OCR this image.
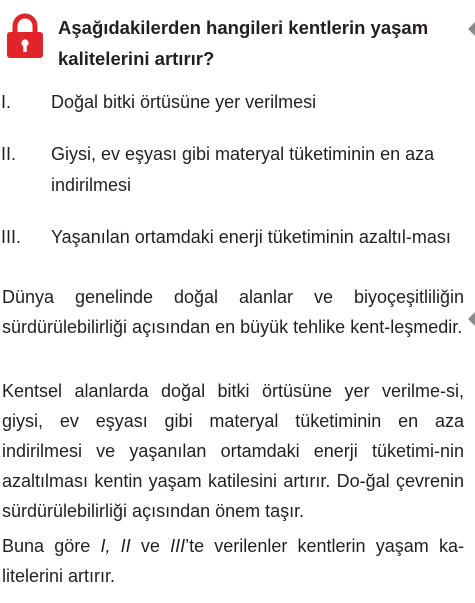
Aşağıdakilerden hangileri kentlerin yaşam
kalitelerini artırır?
I. Doğal bitki örtüsüne yer verilmesi
II. Giysi, ev eşyası gibi materyal tüketiminin en aza indirilmesi
III. Yaşanılan ortamdaki enerji tüketiminin azaltıl-ması

Dünya genelinde doğal alanlar ve biyoçeşitliliğin sürdürülebilirliği açısından en büyük tehlike kent-leşmedir.

Kentsel alanlarda doğal bitki örtüsüne yer verilme-si, giysi, ev eşyası gibi materyal tüketiminin en aza indirilmesi ve yaşanılan ortamdaki enerji tüketimi-nin azaltılması kentin yaşam katilesini artırır. Do-ğal çevrenin sürdürülebilirliği açısından önem taşır.

Buna göre I, II ve III’te verilenler kentlerin yaşam ka-litelerini artırır.
